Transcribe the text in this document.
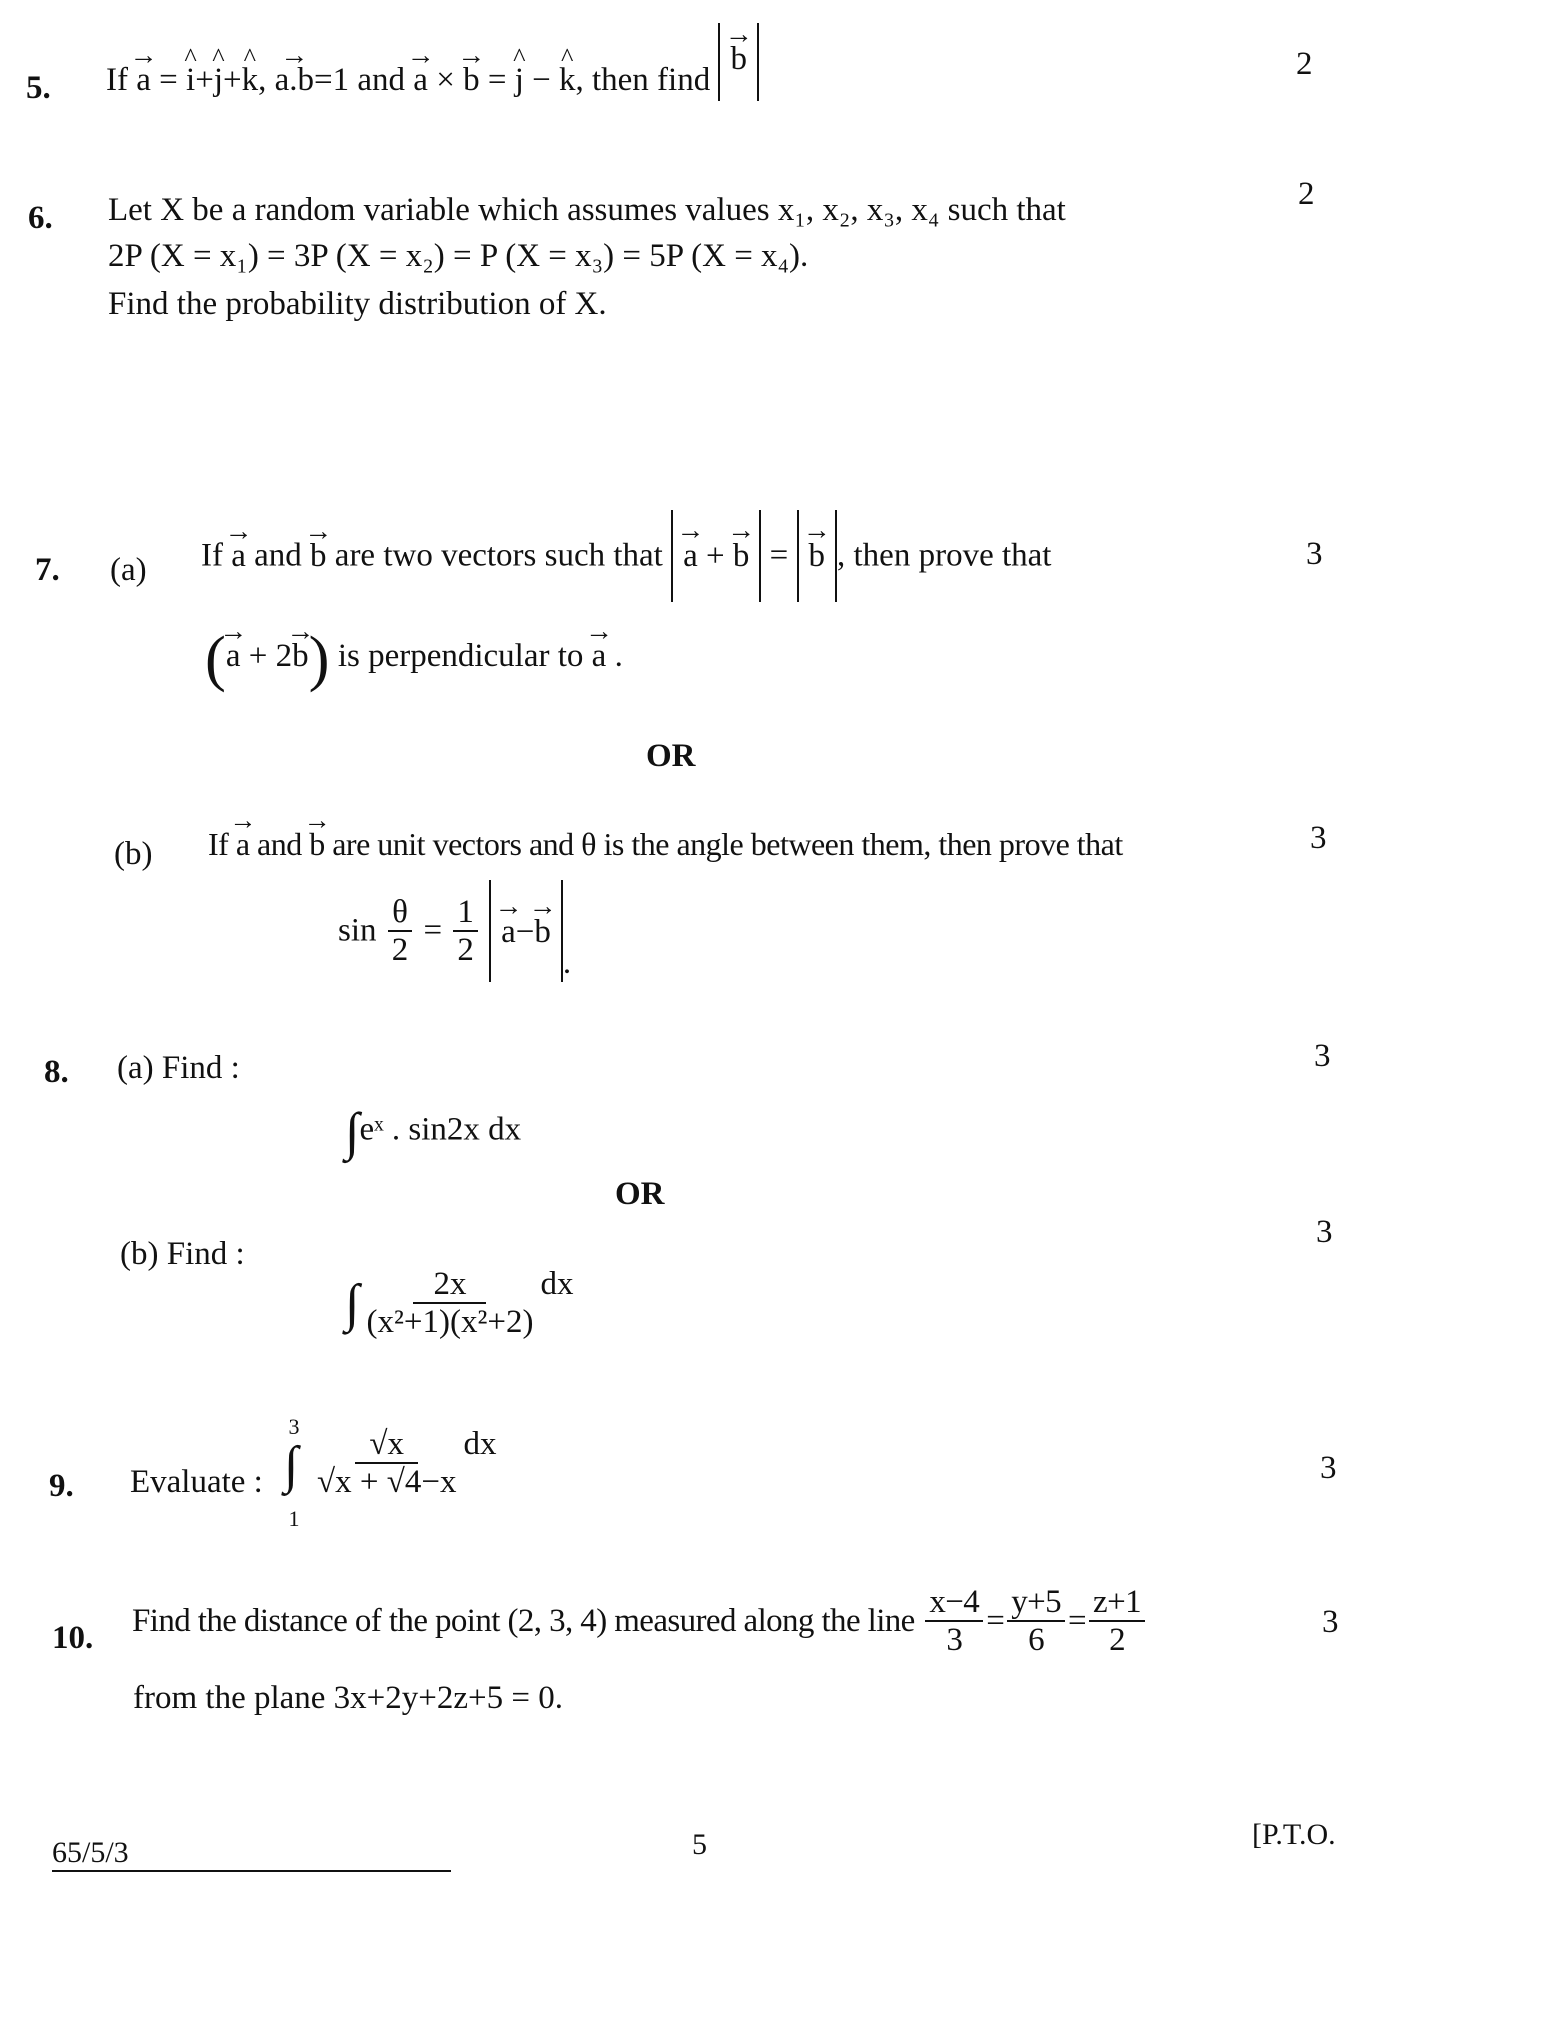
5. If → a = ^ i+^ j+^ k, → a.b=1 and → a × → b = ^ j − ^ k, then find → b	2
6. Let X be a random variable which assumes values x₁, x₂, x₃, x₄ such that
2P (X = x₁) = 3P (X = x₂) = P (X = x₃) = 5P (X = x₄).
Find the probability distribution of X.
2
7. (a) If → a and → b are two vectors such that → a + → b = → b , then prove that	3
(→ a + 2→ b) is perpendicular to → a .
OR
(b) If → a and → b are unit vectors and θ is the angle between them, then prove that	3
$\sin \frac{\theta}{2} = \frac{1}{2} \to a-\to b$.
8. (a) Find :	3
∫eˣ . sin2x dx
OR
(b) Find :
3
∫ $\frac{2x}{\text{(x²+1)(x²+2)}}$ dx
9. Evaluate :
3
1
∫ $\frac{√x}{√x + √4-x}$ dx
3
10. Find the distance of the point (2, 3, 4) measured along the line $\frac{x-4}{3} = \frac{y+5}{6} = \frac{z+1}{2}$
from the plane 3x+2y+2z+5 = 0.
3
65/5/3	5	[P.T.O.
